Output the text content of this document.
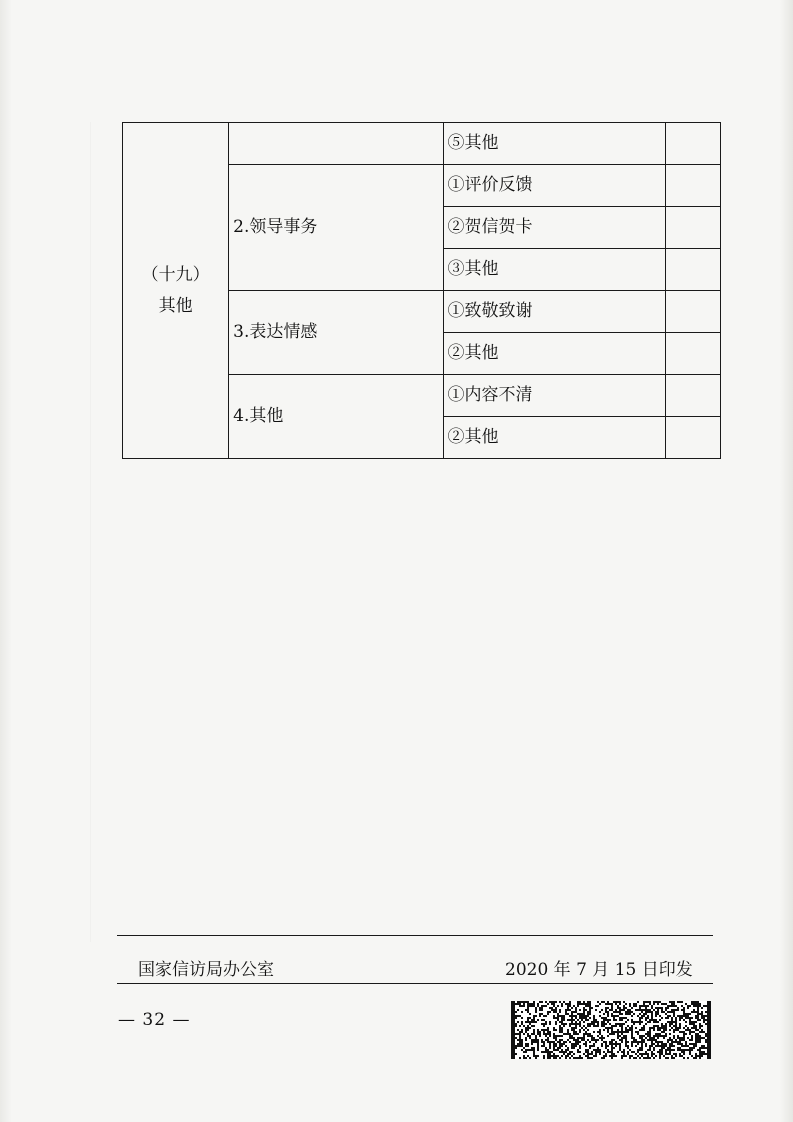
（十九）
其他		⑤其他	
	2.领导事务	①评价反馈	
		②贺信贺卡	
		③其他	
	3.表达情感	①致敬致谢	
		②其他	
	4.其他	①内容不清	
		②其他	
国家信访局办公室	2020 年 7 月 15 日印发
— 32 —
